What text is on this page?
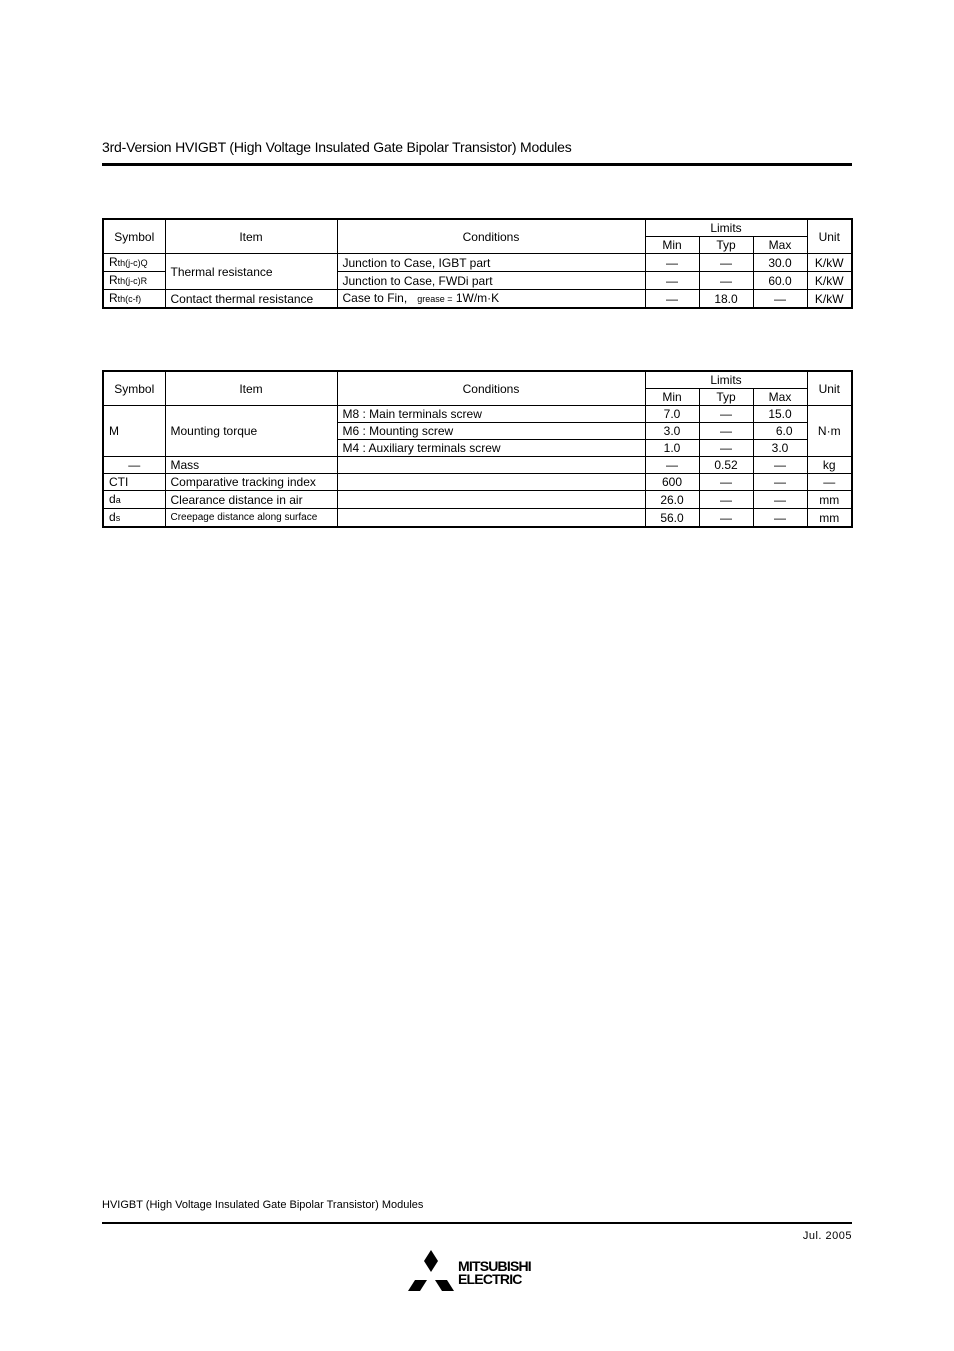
3rd-Version HVIGBT (High Voltage Insulated Gate Bipolar Transistor) Modules
Symbol	Item	Conditions	Limits			Unit
			Min	Typ	Max	
Rth(j-c)Q	Thermal resistance	Junction to Case, IGBT part	—	—	30.0	K/kW
Rth(j-c)R		Junction to Case, FWDi part	—	—	60.0	K/kW
Rth(c-f)	Contact thermal resistance	Case to Fin, grease = 1W/m·K	—	18.0	—	K/kW
Symbol	Item	Conditions	Limits			Unit
			Min	Typ	Max	
M	Mounting torque	M8 : Main terminals screw	7.0	—	15.0	N·m
		M6 : Mounting screw	3.0	—	6.0	
		M4 : Auxiliary terminals screw	1.0	—	3.0	
—	Mass		—	0.52	—	kg
CTI	Comparative tracking index		600	—	—	—
da	Clearance distance in air		26.0	—	—	mm
ds	Creepage distance along surface		56.0	—	—	mm
HVIGBT (High Voltage Insulated Gate Bipolar Transistor) Modules
Jul. 2005
MITSUBISHI
ELECTRIC
